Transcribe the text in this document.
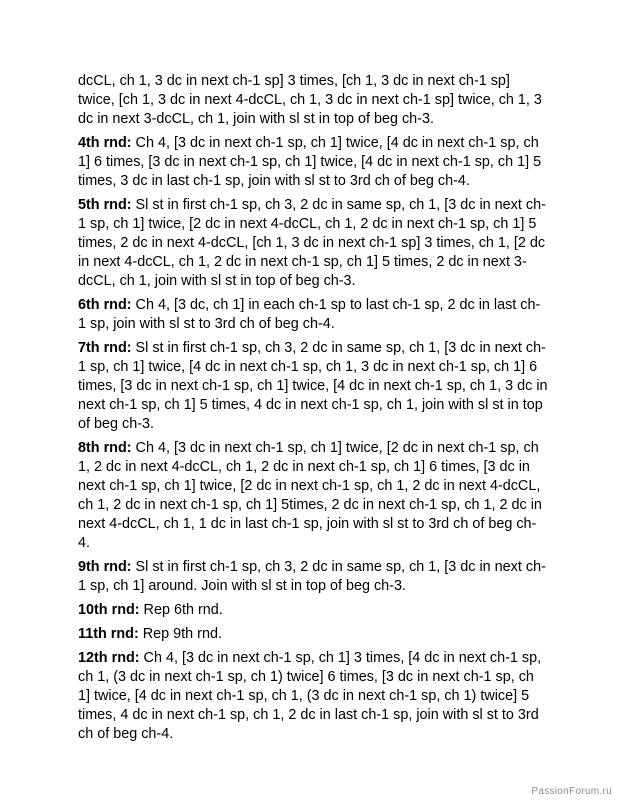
dcCL, ch 1, 3 dc in next ch-1 sp] 3 times, [ch 1, 3 dc in next ch-1 sp] twice, [ch 1, 3 dc in next 4-dcCL, ch 1, 3 dc in next ch-1 sp] twice, ch 1, 3 dc in next 3-dcCL, ch 1, join with sl st in top of beg ch-3.

4th rnd: Ch 4, [3 dc in next ch-1 sp, ch 1] twice, [4 dc in next ch-1 sp, ch 1] 6 times, [3 dc in next ch-1 sp, ch 1] twice, [4 dc in next ch-1 sp, ch 1] 5 times, 3 dc in last ch-1 sp, join with sl st to 3rd ch of beg ch-4.

5th rnd: Sl st in first ch-1 sp, ch 3, 2 dc in same sp, ch 1, [3 dc in next ch-1 sp, ch 1] twice, [2 dc in next 4-dcCL, ch 1, 2 dc in next ch-1 sp, ch 1] 5 times, 2 dc in next 4-dcCL, [ch 1, 3 dc in next ch-1 sp] 3 times, ch 1, [2 dc in next 4-dcCL, ch 1, 2 dc in next ch-1 sp, ch 1] 5 times, 2 dc in next 3-dcCL, ch 1, join with sl st in top of beg ch-3.

6th rnd: Ch 4, [3 dc, ch 1] in each ch-1 sp to last ch-1 sp, 2 dc in last ch-1 sp, join with sl st to 3rd ch of beg ch-4.

7th rnd: Sl st in first ch-1 sp, ch 3, 2 dc in same sp, ch 1, [3 dc in next ch-1 sp, ch 1] twice, [4 dc in next ch-1 sp, ch 1, 3 dc in next ch-1 sp, ch 1] 6 times, [3 dc in next ch-1 sp, ch 1] twice, [4 dc in next ch-1 sp, ch 1, 3 dc in next ch-1 sp, ch 1] 5 times, 4 dc in next ch-1 sp, ch 1, join with sl st in top of beg ch-3.

8th rnd: Ch 4, [3 dc in next ch-1 sp, ch 1] twice, [2 dc in next ch-1 sp, ch 1, 2 dc in next 4-dcCL, ch 1, 2 dc in next ch-1 sp, ch 1] 6 times, [3 dc in next ch-1 sp, ch 1] twice, [2 dc in next ch-1 sp, ch 1, 2 dc in next 4-dcCL, ch 1, 2 dc in next ch-1 sp, ch 1] 5times, 2 dc in next ch-1 sp, ch 1, 2 dc in next 4-dcCL, ch 1, 1 dc in last ch-1 sp, join with sl st to 3rd ch of beg ch-4.

9th rnd: Sl st in first ch-1 sp, ch 3, 2 dc in same sp, ch 1, [3 dc in next ch-1 sp, ch 1] around. Join with sl st in top of beg ch-3.

10th rnd: Rep 6th rnd.

11th rnd: Rep 9th rnd.

12th rnd: Ch 4, [3 dc in next ch-1 sp, ch 1] 3 times, [4 dc in next ch-1 sp, ch 1, (3 dc in next ch-1 sp, ch 1) twice] 6 times, [3 dc in next ch-1 sp, ch 1] twice, [4 dc in next ch-1 sp, ch 1, (3 dc in next ch-1 sp, ch 1) twice] 5 times, 4 dc in next ch-1 sp, ch 1, 2 dc in last ch-1 sp, join with sl st to 3rd ch of beg ch-4.

PassionForum.ru
